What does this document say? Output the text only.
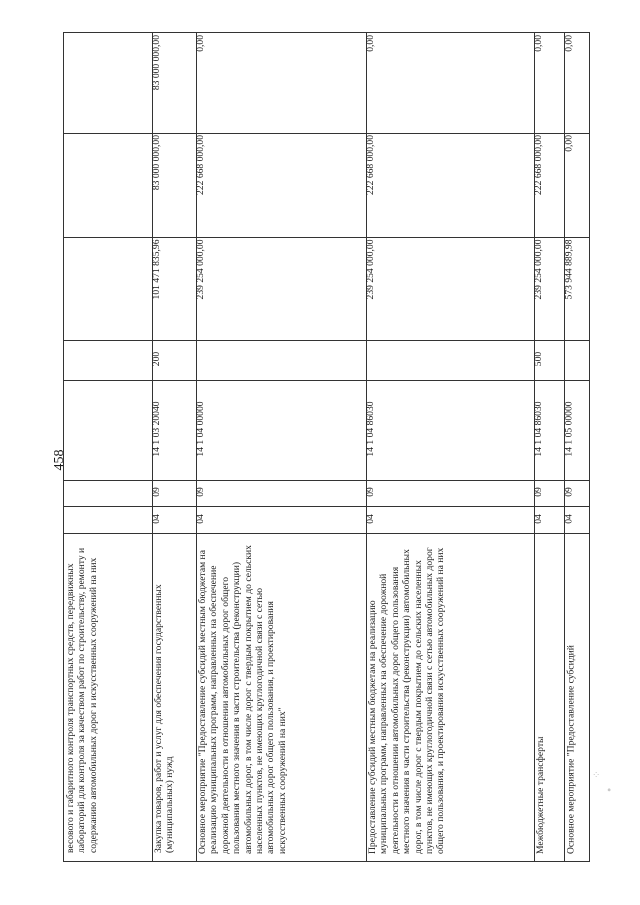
458
весового и габаритного контроля транспортных средств, передвижных лабораторий для контроля за качеством работ по строительству, ремонту и содержанию автомобильных дорог и искусственных сооружений на них	Закупка товаров, работ и услуг для обеспечения государственных (муниципальных) нужд
04
09
14 1 03 20040
200
101 471 835,96
83 000 000,00
83 000 000,00
Основное мероприятие "Предоставление субсидий местным бюджетам на реализацию муниципальных программ, направленных на обеспечение дорожной деятельности в отношении автомобильных дорог общего пользования местного значения в части строительства (реконструкции) автомобильных дорог, в том числе дорог с твердым покрытием до сельских населенных пунктов, не имеющих круглогодичной связи с сетью автомобильных дорог общего пользования, и проектирования искусственных сооружений на них"
04
09
14 1 04 00000
239 254 000,00
222 668 000,00
0,00
Предоставление субсидий местным бюджетам на реализацию муниципальных программ, направленных на обеспечение дорожной деятельности в отношении автомобильных дорог общего пользования местного значения в части строительства (реконструкции) автомобильных дорог, в том числе дорог с твердым покрытием до сельских населенных пунктов, не имеющих круглогодичной связи с сетью автомобильных дорог общего пользования, и проектирования искусственных сооружений на них
04
09
14 1 04 86030
239 254 000,00
222 668 000,00
0,00
Межбюджетные трансферты
04
09
14 1 04 86030
500
239 254 000,00
222 668 000,00
0,00
Основное мероприятие "Предоставление субсидий
04
09
14 1 05 00000
573 944 889,98
0,00
0,00
⁘
∙
